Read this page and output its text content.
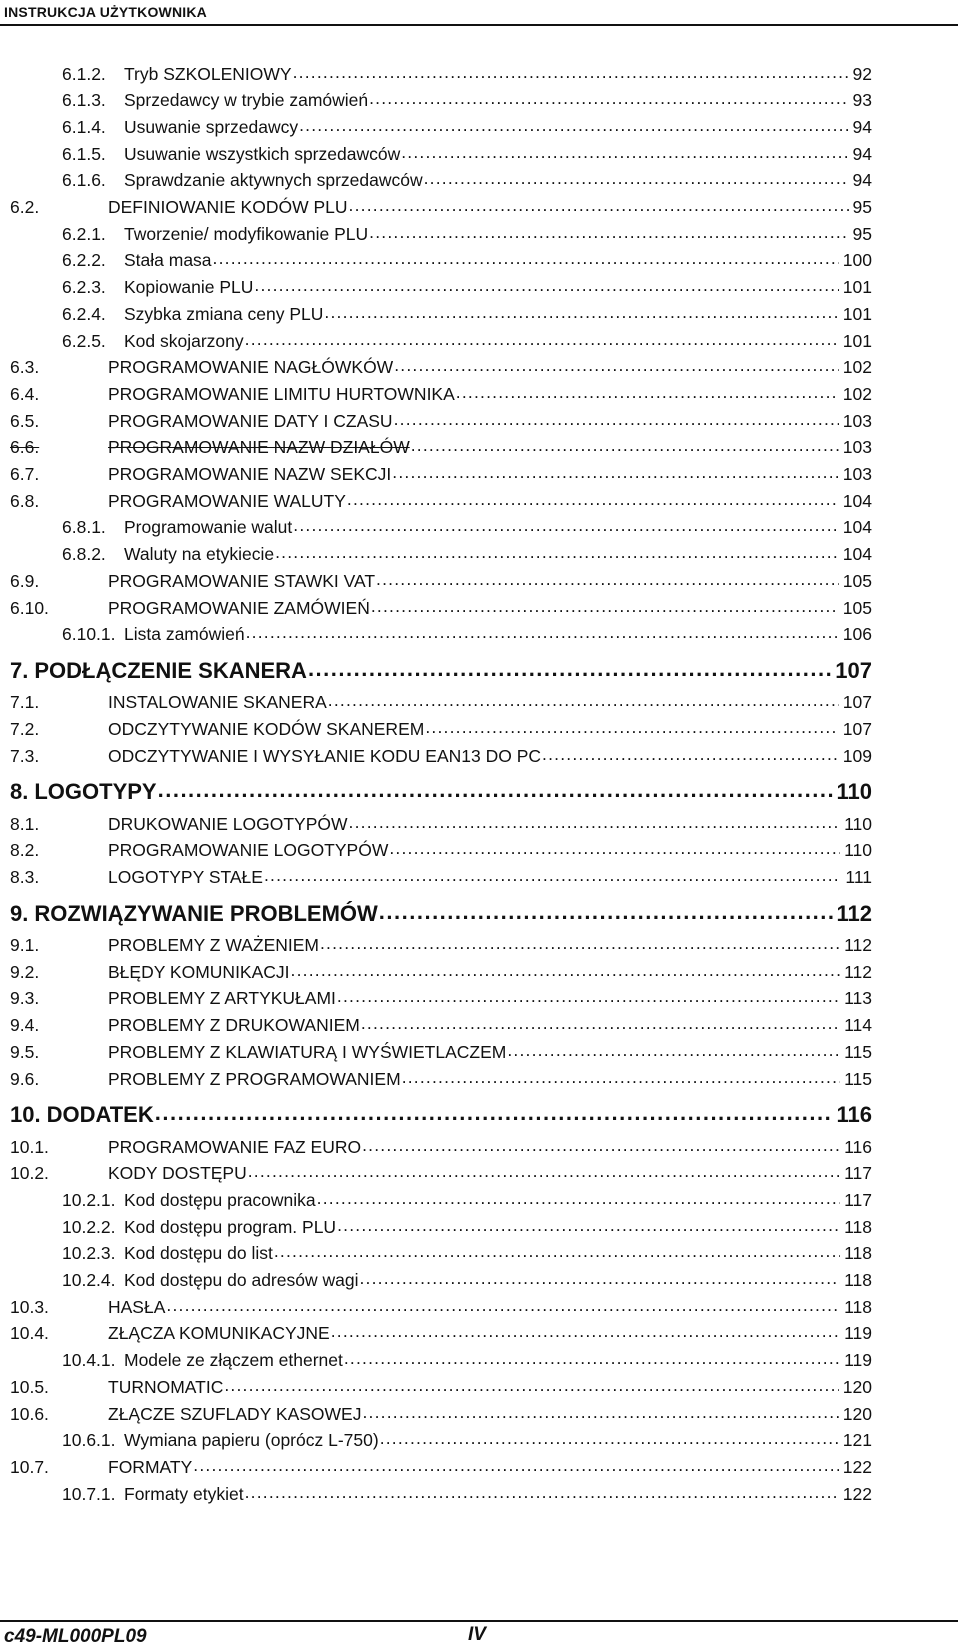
INSTRUKCJA UŻYTKOWNIKA
6.1.2.	Tryb SZKOLENIOWY .....	92
6.1.3.	Sprzedawcy w trybie zamówień .....	93
6.1.4.	Usuwanie sprzedawcy .....	94
6.1.5.	Usuwanie wszystkich sprzedawców .....	94
6.1.6.	Sprawdzanie aktywnych sprzedawców .....	94
6.2.	DEFINIOWANIE KODÓW PLU .....	95
6.2.1.	Tworzenie/ modyfikowanie PLU .....	95
6.2.2.	Stała masa .....	100
6.2.3.	Kopiowanie PLU .....	101
6.2.4.	Szybka zmiana ceny PLU .....	101
6.2.5.	Kod skojarzony .....	101
6.3.	PROGRAMOWANIE NAGŁÓWKÓW .....	102
6.4.	PROGRAMOWANIE LIMITU HURTOWNIKA .....	102
6.5.	PROGRAMOWANIE DATY I CZASU .....	103
6.6.	PROGRAMOWANIE NAZW DZIAŁÓW .....	103
6.7.	PROGRAMOWANIE NAZW SEKCJI .....	103
6.8.	PROGRAMOWANIE WALUTY .....	104
6.8.1.	Programowanie walut .....	104
6.8.2.	Waluty na etykiecie .....	104
6.9.	PROGRAMOWANIE STAWKI VAT .....	105
6.10.	PROGRAMOWANIE ZAMÓWIEŃ .....	105
6.10.1. Lista zamówień .....	106
7. PODŁĄCZENIE SKANERA .....	107
7.1.	INSTALOWANIE SKANERA .....	107
7.2.	ODCZYTYWANIE KODÓW SKANEREM .....	107
7.3.	ODCZYTYWANIE I WYSYŁANIE KODU EAN13 DO PC .....	109
8. LOGOTYPY .....	110
8.1.	DRUKOWANIE LOGOTYPÓW .....	110
8.2.	PROGRAMOWANIE LOGOTYPÓW .....	110
8.3.	LOGOTYPY STAŁE .....	111
9. ROZWIĄZYWANIE PROBLEMÓW .....	112
9.1.	PROBLEMY Z WAŻENIEM .....	112
9.2.	BŁĘDY KOMUNIKACJI .....	112
9.3.	PROBLEMY Z ARTYKUŁAMI .....	113
9.4.	PROBLEMY Z DRUKOWANIEM .....	114
9.5.	PROBLEMY Z KLAWIATURĄ I WYŚWIETLACZEM .....	115
9.6.	PROBLEMY Z PROGRAMOWANIEM .....	115
10. DODATEK .....	116
10.1.	PROGRAMOWANIE FAZ EURO .....	116
10.2.	KODY DOSTĘPU .....	117
10.2.1. Kod dostępu pracownika .....	117
10.2.2. Kod dostępu program. PLU .....	118
10.2.3. Kod dostępu do list .....	118
10.2.4. Kod dostępu do adresów wagi .....	118
10.3.	HASŁA .....	118
10.4.	ZŁĄCZA KOMUNIKACYJNE .....	119
10.4.1. Modele ze złączem ethernet .....	119
10.5.	TURNOMATIC .....	120
10.6.	ZŁĄCZE SZUFLADY KASOWEJ .....	120
10.6.1. Wymiana papieru (oprócz L-750) .....	121
10.7.	FORMATY .....	122
10.7.1. Formaty etykiet .....	122
c49-ML000PL09	IV
